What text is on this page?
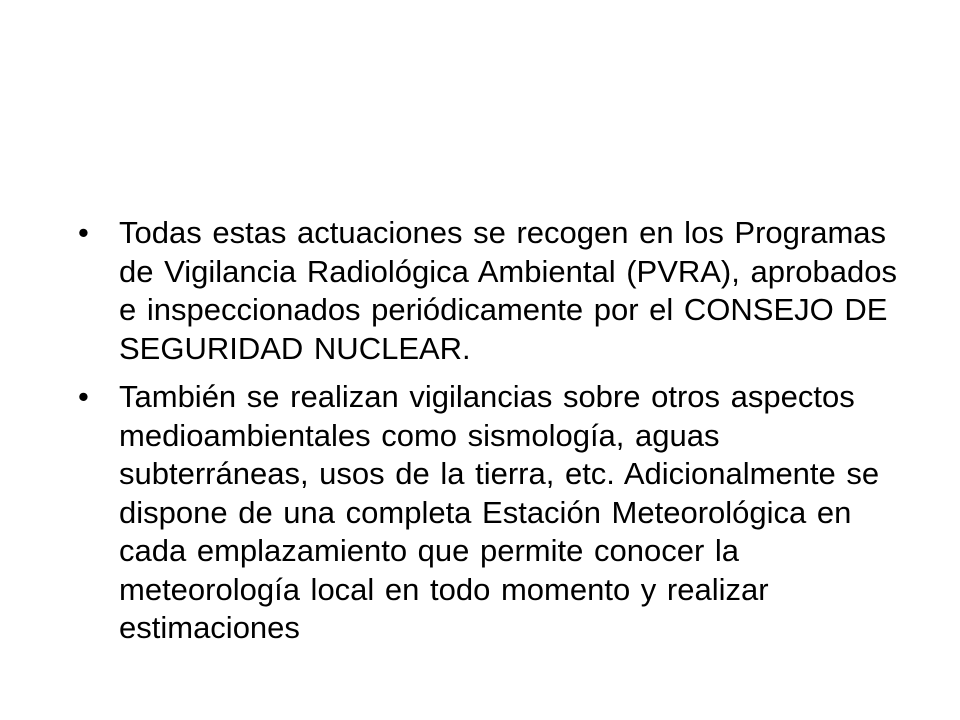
• Todas estas actuaciones se recogen en los Programas de Vigilancia Radiológica Ambiental (PVRA), aprobados e inspeccionados periódicamente por el CONSEJO DE SEGURIDAD NUCLEAR.
• También se realizan vigilancias sobre otros aspectos medioambientales como sismología, aguas subterráneas, usos de la tierra, etc. Adicionalmente se dispone de una completa Estación Meteorológica en cada emplazamiento que permite conocer la meteorología local en todo momento y realizar estimaciones
